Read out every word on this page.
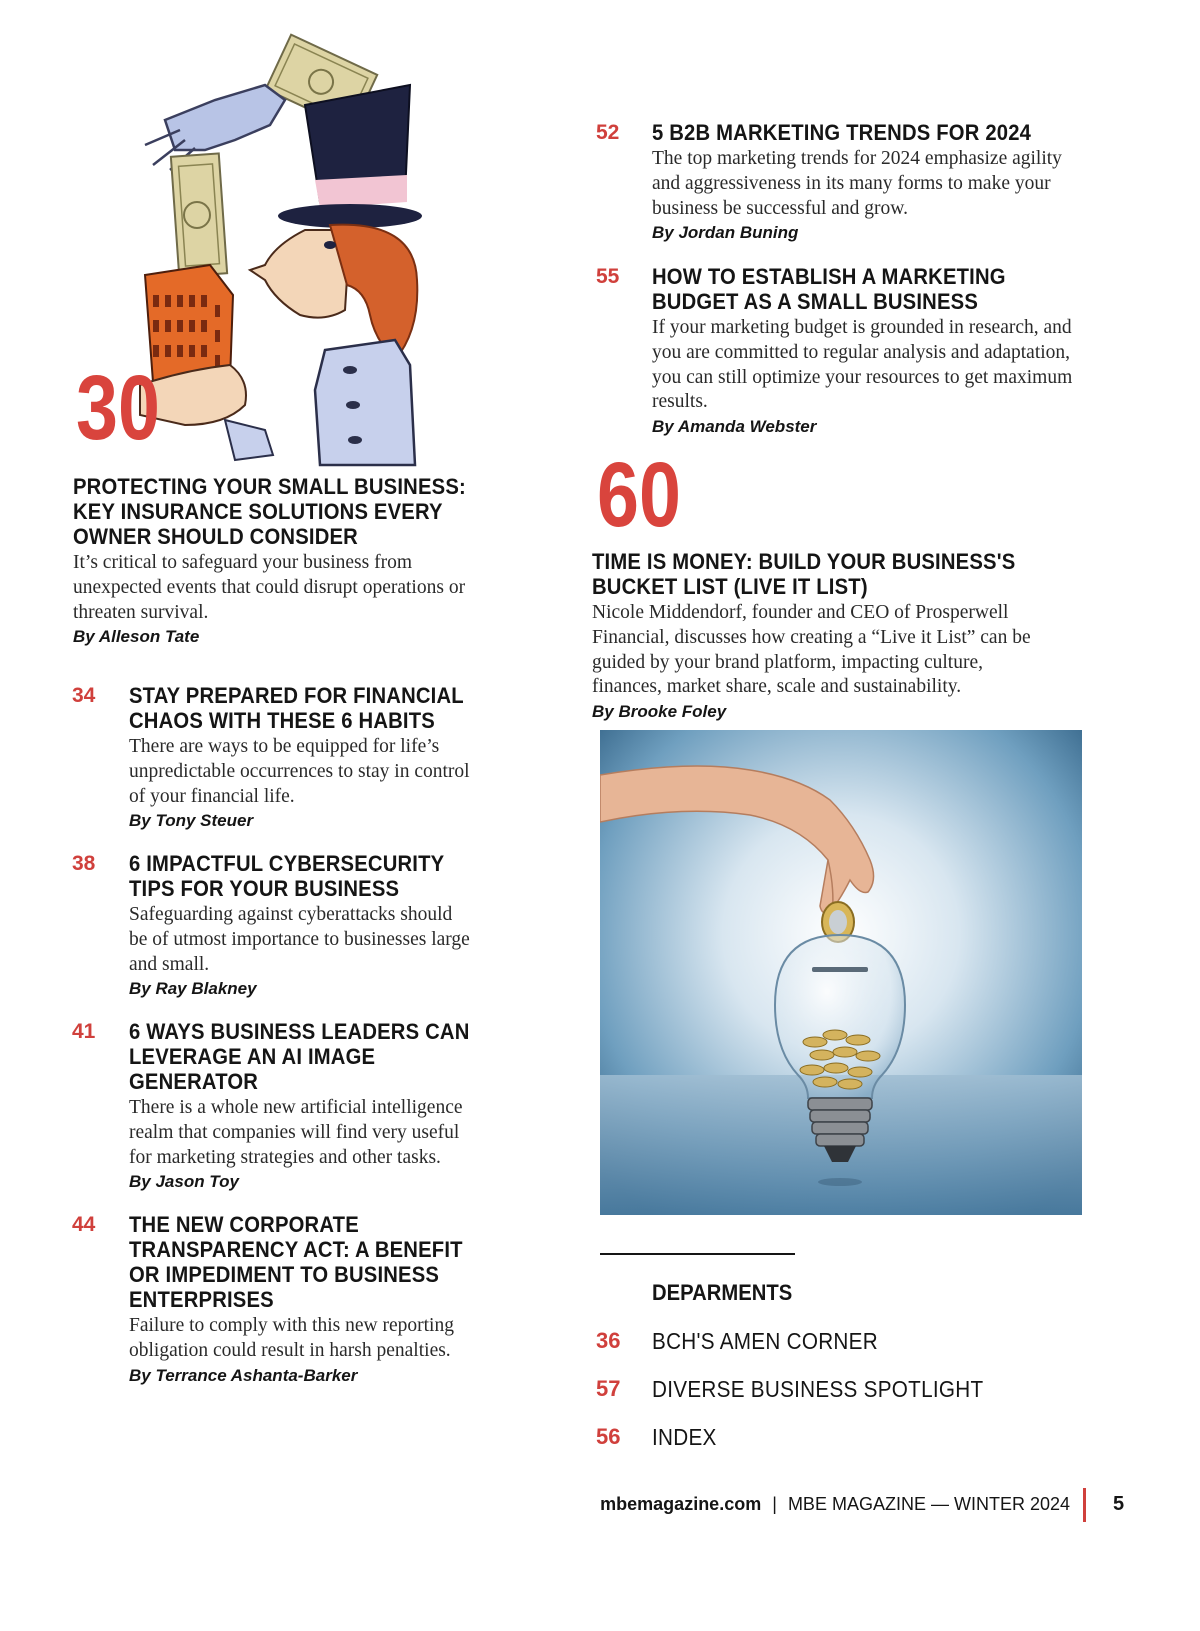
30
PROTECTING YOUR SMALL BUSINESS: KEY INSURANCE SOLUTIONS EVERY OWNER SHOULD CONSIDER

It’s critical to safeguard your business from unexpected events that could disrupt operations or threaten survival.

By Alleson Tate

34 STAY PREPARED FOR FINANCIAL CHAOS WITH THESE 6 HABITS

There are ways to be equipped for life’s unpredictable occurrences to stay in control of your financial life.

By Tony Steuer

38 6 IMPACTFUL CYBERSECURITY TIPS FOR YOUR BUSINESS

Safeguarding against cyberattacks should be of utmost importance to businesses large and small.

By Ray Blakney

41 6 WAYS BUSINESS LEADERS CAN LEVERAGE AN AI IMAGE GENERATOR

There is a whole new artificial intelligence realm that companies will find very useful for marketing strategies and other tasks.

By Jason Toy

44 THE NEW CORPORATE TRANSPARENCY ACT: A BENEFIT OR IMPEDIMENT TO BUSINESS ENTERPRISES

Failure to comply with this new reporting obligation could result in harsh penalties.

By Terrance Ashanta-Barker

52 5 B2B MARKETING TRENDS FOR 2024

The top marketing trends for 2024 emphasize agility and aggressiveness in its many forms to make your business be successful and grow.

By Jordan Buning

55 HOW TO ESTABLISH A MARKETING BUDGET AS A SMALL BUSINESS

If your marketing budget is grounded in research, and you are committed to regular analysis and adaptation, you can still optimize your resources to get maximum results.

By Amanda Webster

60
TIME IS MONEY: BUILD YOUR BUSINESS'S BUCKET LIST (LIVE IT LIST)

Nicole Middendorf, founder and CEO of Prosperwell Financial, discusses how creating a “Live it List” can be guided by your brand platform, impacting culture, finances, market share, scale and sustainability.

By Brooke Foley

DEPARMENTS
36 BCH'S AMEN CORNER
57 DIVERSE BUSINESS SPOTLIGHT
56 INDEX
mbemagazine.com | MBE MAGAZINE — WINTER 2024 5
